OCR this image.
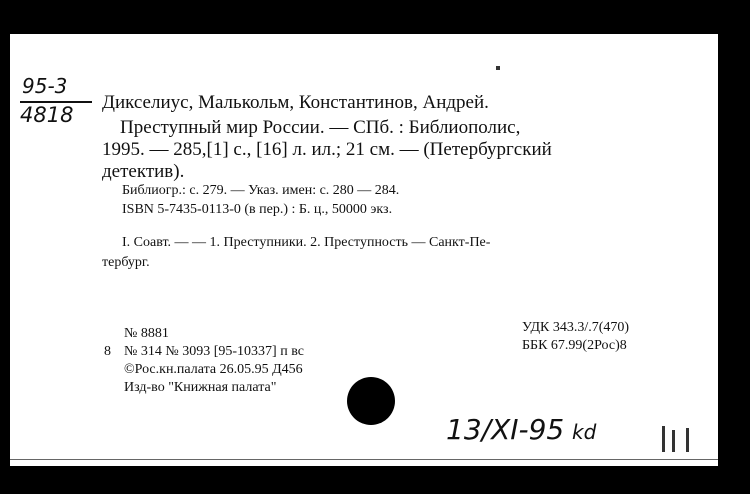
95-3
4818
Дикселиус, Малькольм, Константинов, Андрей.
Преступный мир России. — СПб. : Библиополис,
1995. — 285,[1] с., [16] л. ил.; 21 см. — (Петербургский
детектив).
Библиогр.: с. 279. — Указ. имен: с. 280 — 284.
ISBN 5-7435-0113-0 (в пер.) : Б. ц., 50000 экз.
I. Соавт. — — 1. Преступники. 2. Преступность — Санкт-Пе-
тербург.
№ 8881
8 № 314 № 3093 [95-10337] п вс
©Рос.кн.палата 26.05.95 Д456
Изд-во "Книжная палата"
УДК 343.3/.7(470)
ББК 67.99(2Рос)8
13/XI-95 kd
